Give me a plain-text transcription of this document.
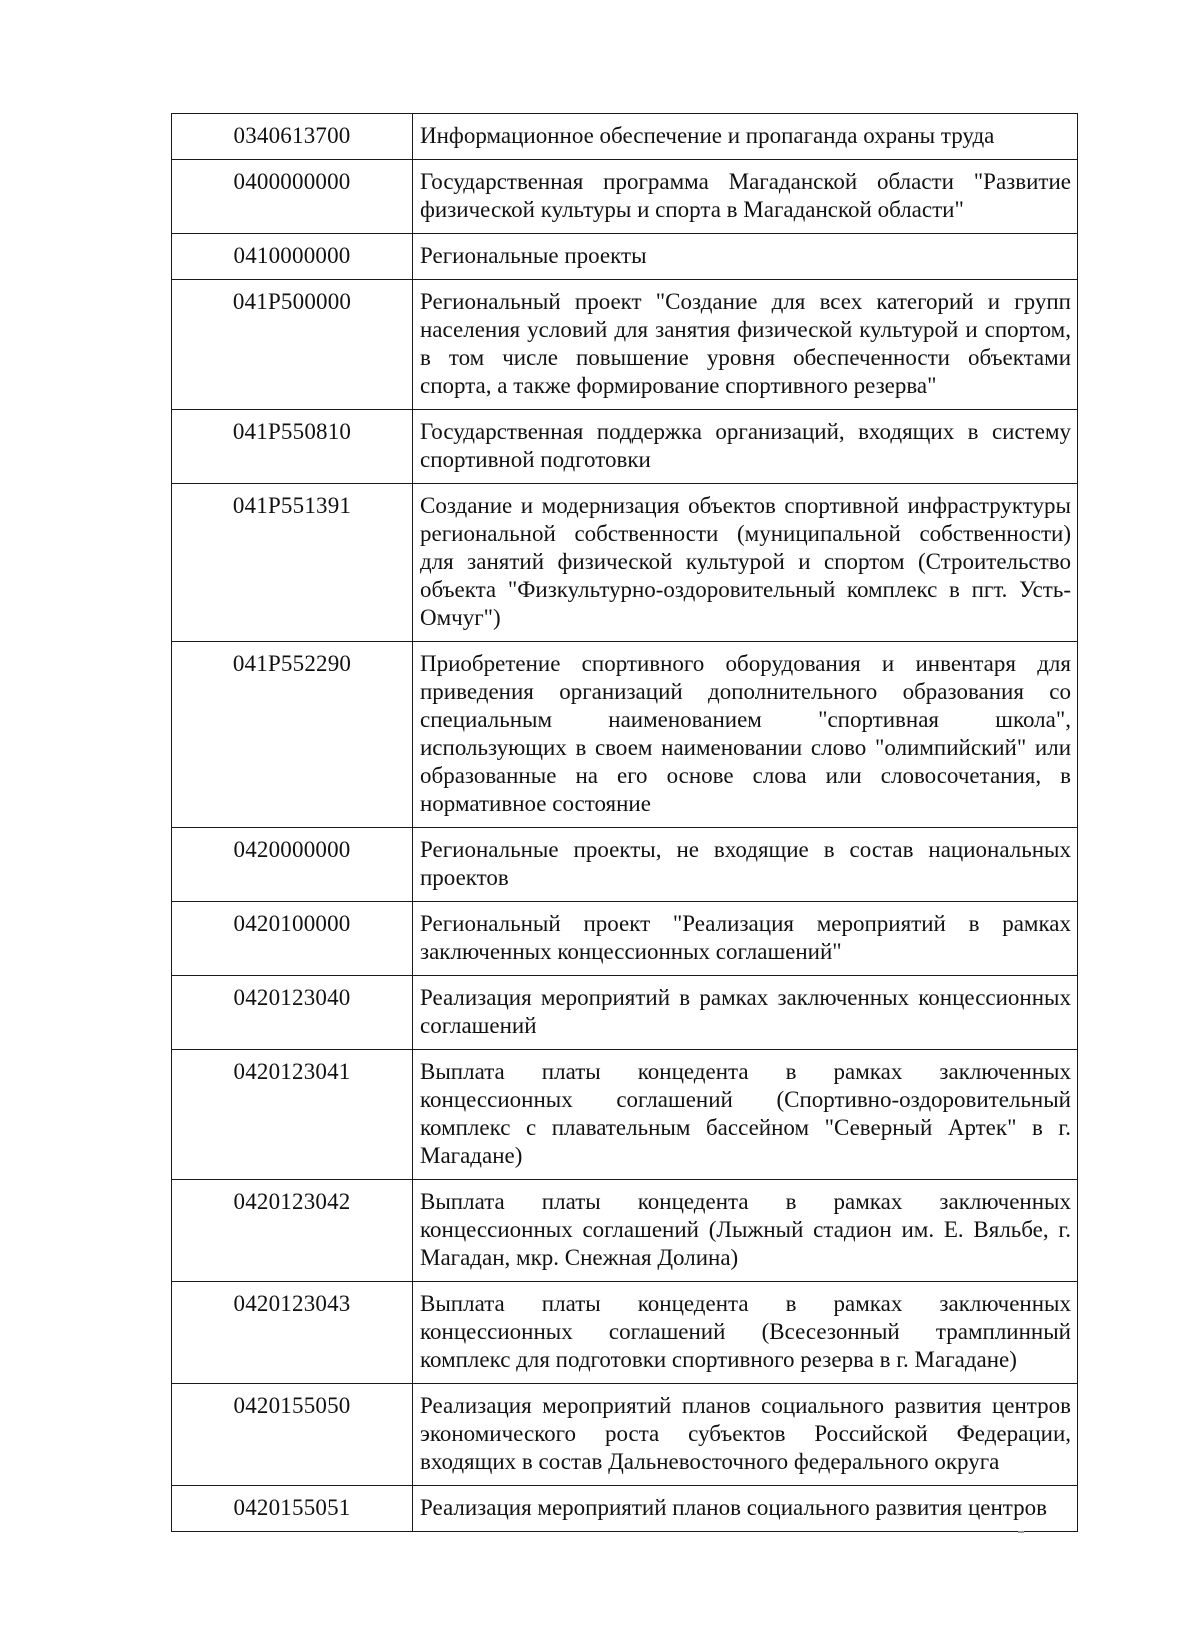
0340613700	Информационное обеспечение и пропаганда охраны труда
0400000000	Государственная программа Магаданской области "Развитие физической культуры и спорта в Магаданской области"
0410000000	Региональные проекты
041P500000	Региональный проект "Создание для всех категорий и групп населения условий для занятия физической культурой и спортом, в том числе повышение уровня обеспеченности объектами спорта, а также формирование спортивного резерва"
041P550810	Государственная поддержка организаций, входящих в систему спортивной подготовки
041P551391	Создание и модернизация объектов спортивной инфраструктуры региональной собственности (муниципальной собственности) для занятий физической культурой и спортом (Строительство объекта "Физкультурно-оздоровительный комплекс в пгт. Усть-Омчуг")
041P552290	Приобретение спортивного оборудования и инвентаря для приведения организаций дополнительного образования со специальным наименованием "спортивная школа", использующих в своем наименовании слово "олимпийский" или образованные на его основе слова или словосочетания, в нормативное состояние
0420000000	Региональные проекты, не входящие в состав национальных проектов
0420100000	Региональный проект "Реализация мероприятий в рамках заключенных концессионных соглашений"
0420123040	Реализация мероприятий в рамках заключенных концессионных соглашений
0420123041	Выплата платы концедента в рамках заключенных концессионных соглашений (Спортивно-оздоровительный комплекс с плавательным бассейном "Северный Артек" в г. Магадане)
0420123042	Выплата платы концедента в рамках заключенных концессионных соглашений (Лыжный стадион им. Е. Вяльбе, г. Магадан, мкр. Снежная Долина)
0420123043	Выплата платы концедента в рамках заключенных концессионных соглашений (Всесезонный трамплинный комплекс для подготовки спортивного резерва в г. Магадане)
0420155050	Реализация мероприятий планов социального развития центров экономического роста субъектов Российской Федерации, входящих в состав Дальневосточного федерального округа
0420155051	Реализация мероприятий планов социального развития центров
